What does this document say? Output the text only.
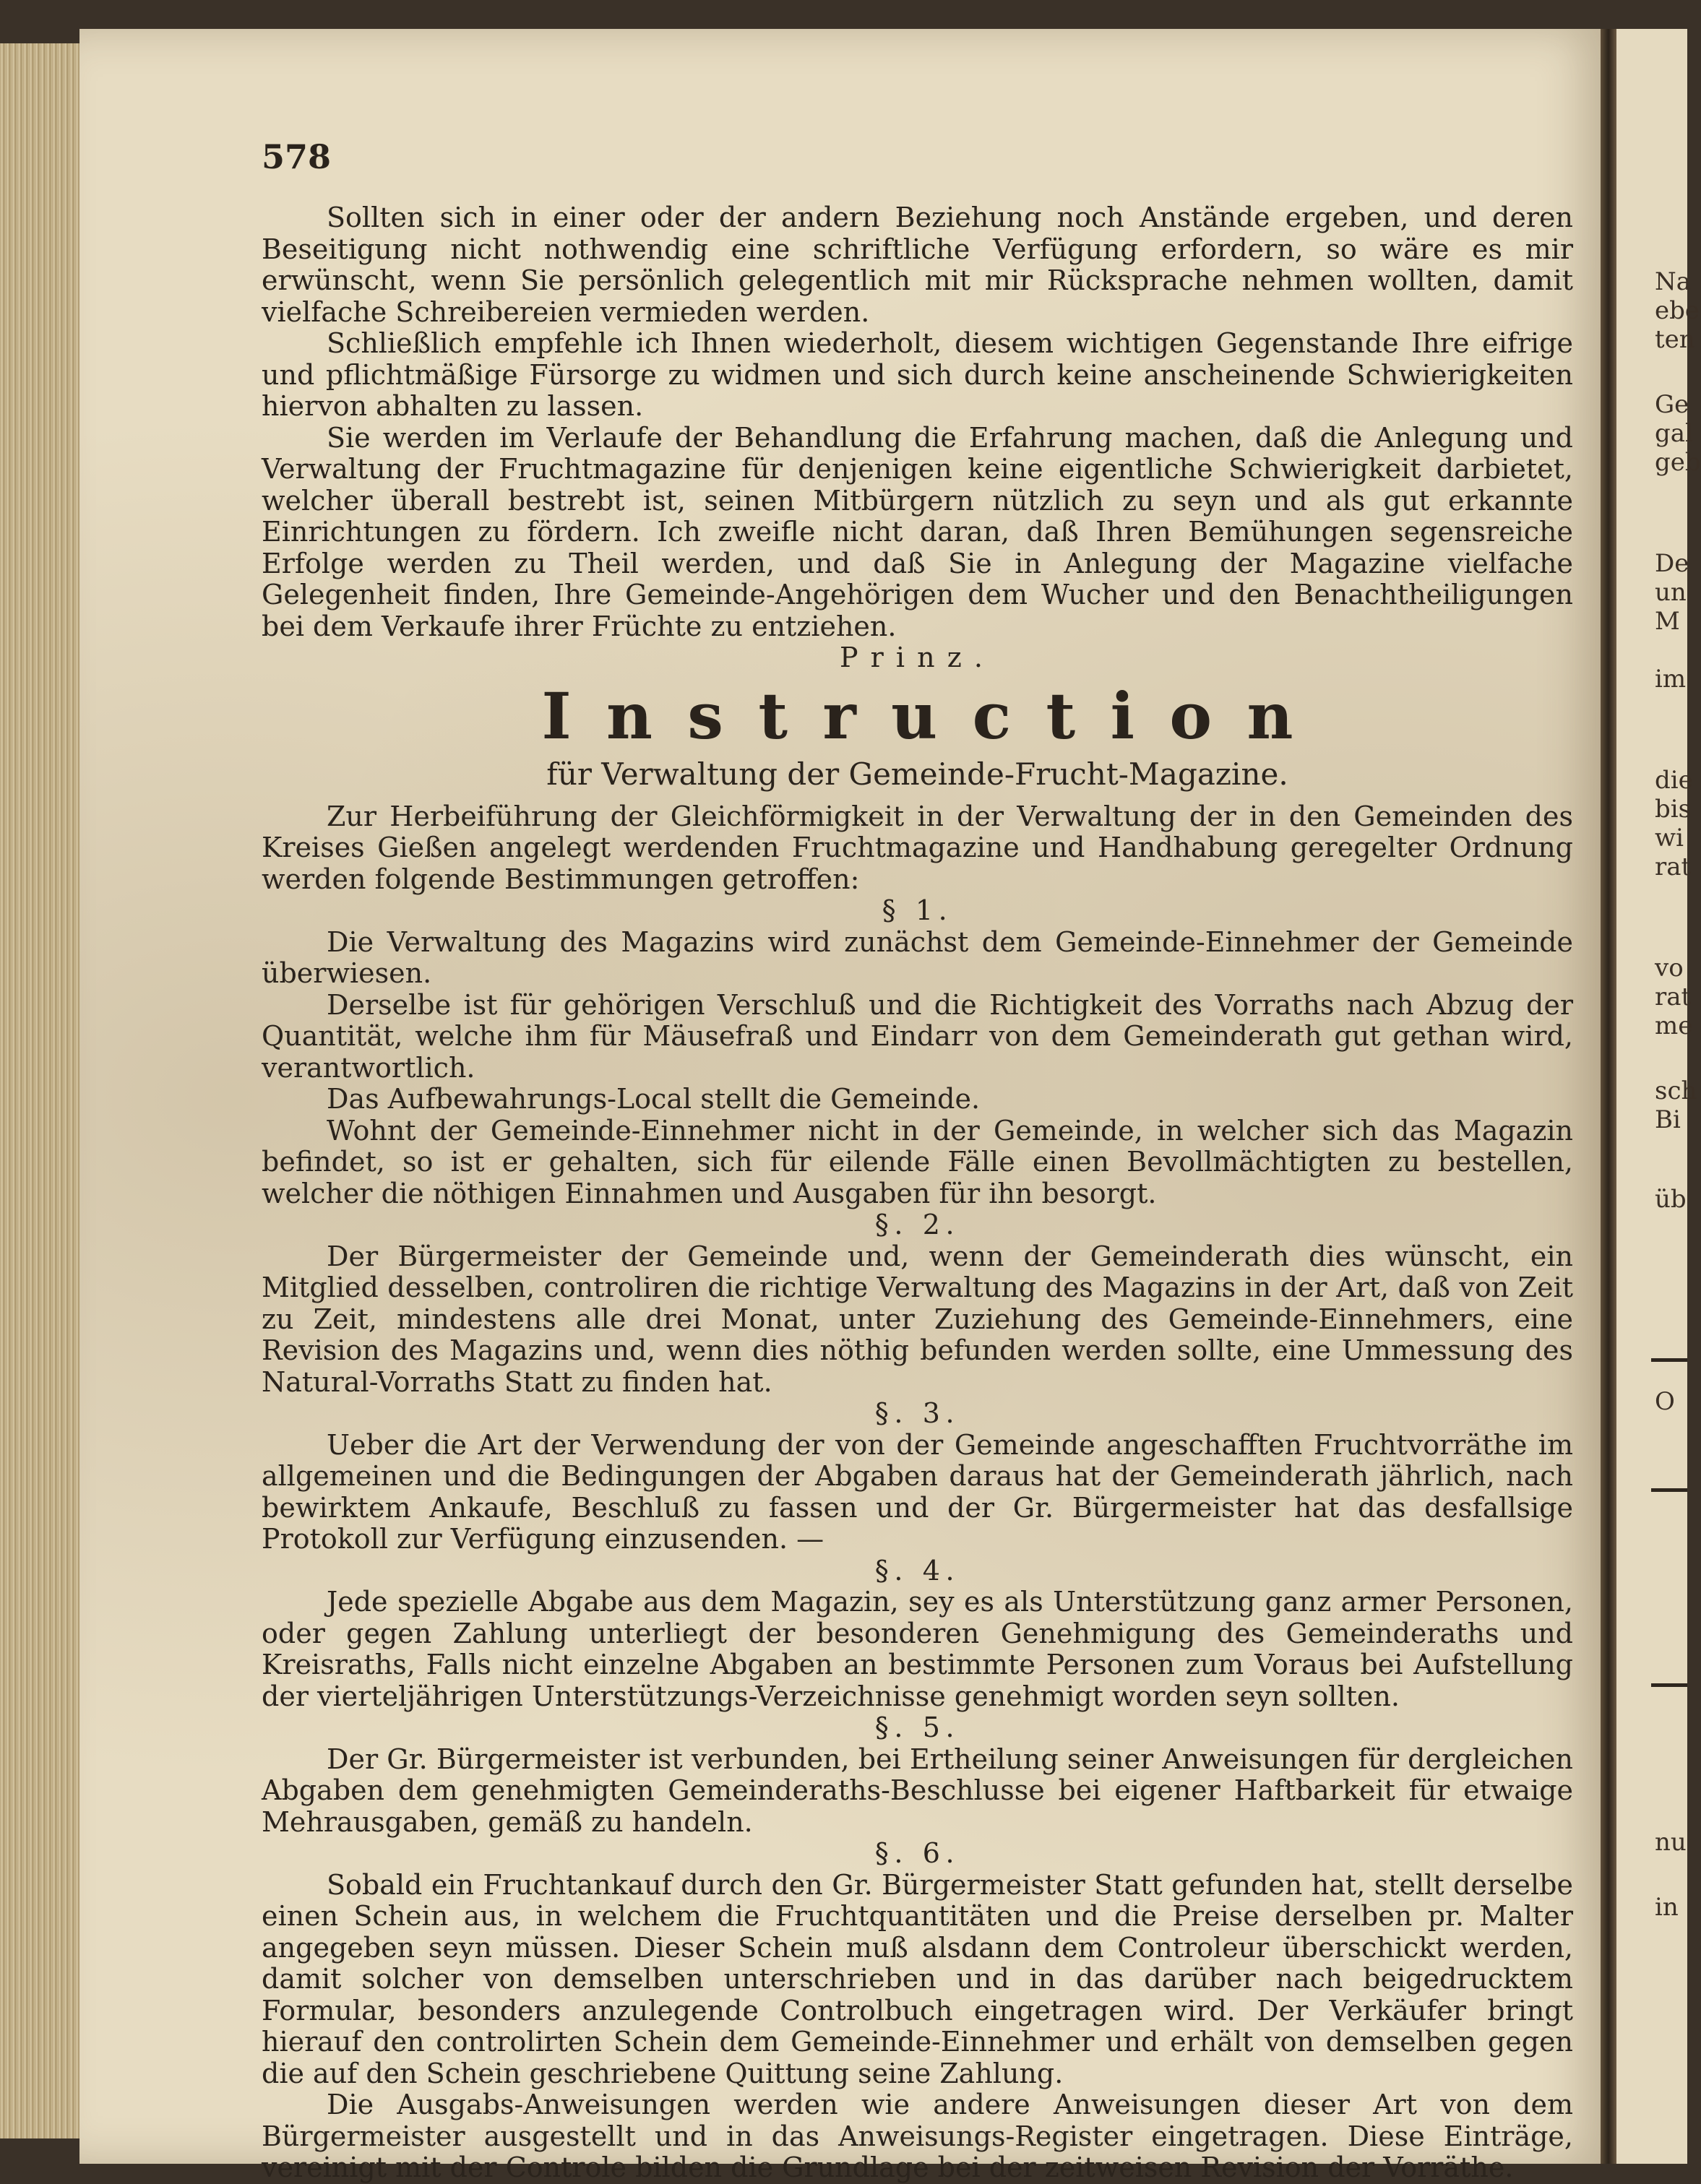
Na
ebe
ten
Ge
gal
geb
De
un
M
im
die
bis
wi
rat
vo
rat
me
sch
Bi
üb
O
nu
in
578

Sollten sich in einer oder der andern Beziehung noch Anstände ergeben, und deren Beseitigung nicht nothwendig eine schriftliche Verfügung erfordern, so wäre es mir erwünscht, wenn Sie persönlich gelegentlich mit mir Rücksprache nehmen wollten, damit vielfache Schreibereien vermieden werden.

Schließlich empfehle ich Ihnen wiederholt, diesem wichtigen Gegenstande Ihre eifrige und pflichtmäßige Fürsorge zu widmen und sich durch keine anscheinende Schwierigkeiten hiervon abhalten zu lassen.

Sie werden im Verlaufe der Behandlung die Erfahrung machen, daß die Anlegung und Verwaltung der Fruchtmagazine für denjenigen keine eigentliche Schwierigkeit darbietet, welcher überall bestrebt ist, seinen Mitbürgern nützlich zu seyn und als gut erkannte Einrichtungen zu fördern. Ich zweifle nicht daran, daß Ihren Bemühungen segensreiche Erfolge werden zu Theil werden, und daß Sie in Anlegung der Magazine vielfache Gelegenheit finden, Ihre Gemeinde-Angehörigen dem Wucher und den Benachtheiligungen bei dem Verkaufe ihrer Früchte zu entziehen.

Prinz.

Instruction
für Verwaltung der Gemeinde-Frucht-Magazine.

Zur Herbeiführung der Gleichförmigkeit in der Verwaltung der in den Gemeinden des Kreises Gießen angelegt werdenden Fruchtmagazine und Handhabung geregelter Ordnung werden folgende Bestimmungen getroffen:

§ 1.

Die Verwaltung des Magazins wird zunächst dem Gemeinde-Einnehmer der Gemeinde überwiesen.

Derselbe ist für gehörigen Verschluß und die Richtigkeit des Vorraths nach Abzug der Quantität, welche ihm für Mäusefraß und Eindarr von dem Gemeinderath gut gethan wird, verantwortlich.

Das Aufbewahrungs-Local stellt die Gemeinde.

Wohnt der Gemeinde-Einnehmer nicht in der Gemeinde, in welcher sich das Magazin befindet, so ist er gehalten, sich für eilende Fälle einen Bevollmächtigten zu bestellen, welcher die nöthigen Einnahmen und Ausgaben für ihn besorgt.

§. 2.

Der Bürgermeister der Gemeinde und, wenn der Gemeinderath dies wünscht, ein Mitglied desselben, controliren die richtige Verwaltung des Magazins in der Art, daß von Zeit zu Zeit, mindestens alle drei Monat, unter Zuziehung des Gemeinde-Einnehmers, eine Revision des Magazins und, wenn dies nöthig befunden werden sollte, eine Ummessung des Natural-Vorraths Statt zu finden hat.

§. 3.

Ueber die Art der Verwendung der von der Gemeinde angeschafften Fruchtvorräthe im allgemeinen und die Bedingungen der Abgaben daraus hat der Gemeinderath jährlich, nach bewirktem Ankaufe, Beschluß zu fassen und der Gr. Bürgermeister hat das desfallsige Protokoll zur Verfügung einzusenden. —

§. 4.

Jede spezielle Abgabe aus dem Magazin, sey es als Unterstützung ganz armer Personen, oder gegen Zahlung unterliegt der besonderen Genehmigung des Gemeinderaths und Kreisraths, Falls nicht einzelne Abgaben an bestimmte Personen zum Voraus bei Aufstellung der vierteljährigen Unterstützungs-Verzeichnisse genehmigt worden seyn sollten.

§. 5.

Der Gr. Bürgermeister ist verbunden, bei Ertheilung seiner Anweisungen für dergleichen Abgaben dem genehmigten Gemeinderaths-Beschlusse bei eigener Haftbarkeit für etwaige Mehrausgaben, gemäß zu handeln.

§. 6.

Sobald ein Fruchtankauf durch den Gr. Bürgermeister Statt gefunden hat, stellt derselbe einen Schein aus, in welchem die Fruchtquantitäten und die Preise derselben pr. Malter angegeben seyn müssen. Dieser Schein muß alsdann dem Controleur überschickt werden, damit solcher von demselben unterschrieben und in das darüber nach beigedrucktem Formular, besonders anzulegende Controlbuch eingetragen wird. Der Verkäufer bringt hierauf den controlirten Schein dem Gemeinde-Einnehmer und erhält von demselben gegen die auf den Schein geschriebene Quittung seine Zahlung.

Die Ausgabs-Anweisungen werden wie andere Anweisungen dieser Art von dem Bürgermeister ausgestellt und in das Anweisungs-Register eingetragen. Diese Einträge, vereinigt mit der Controle bilden die Grundlage bei der zeitweisen Revision der Vorräthe.
